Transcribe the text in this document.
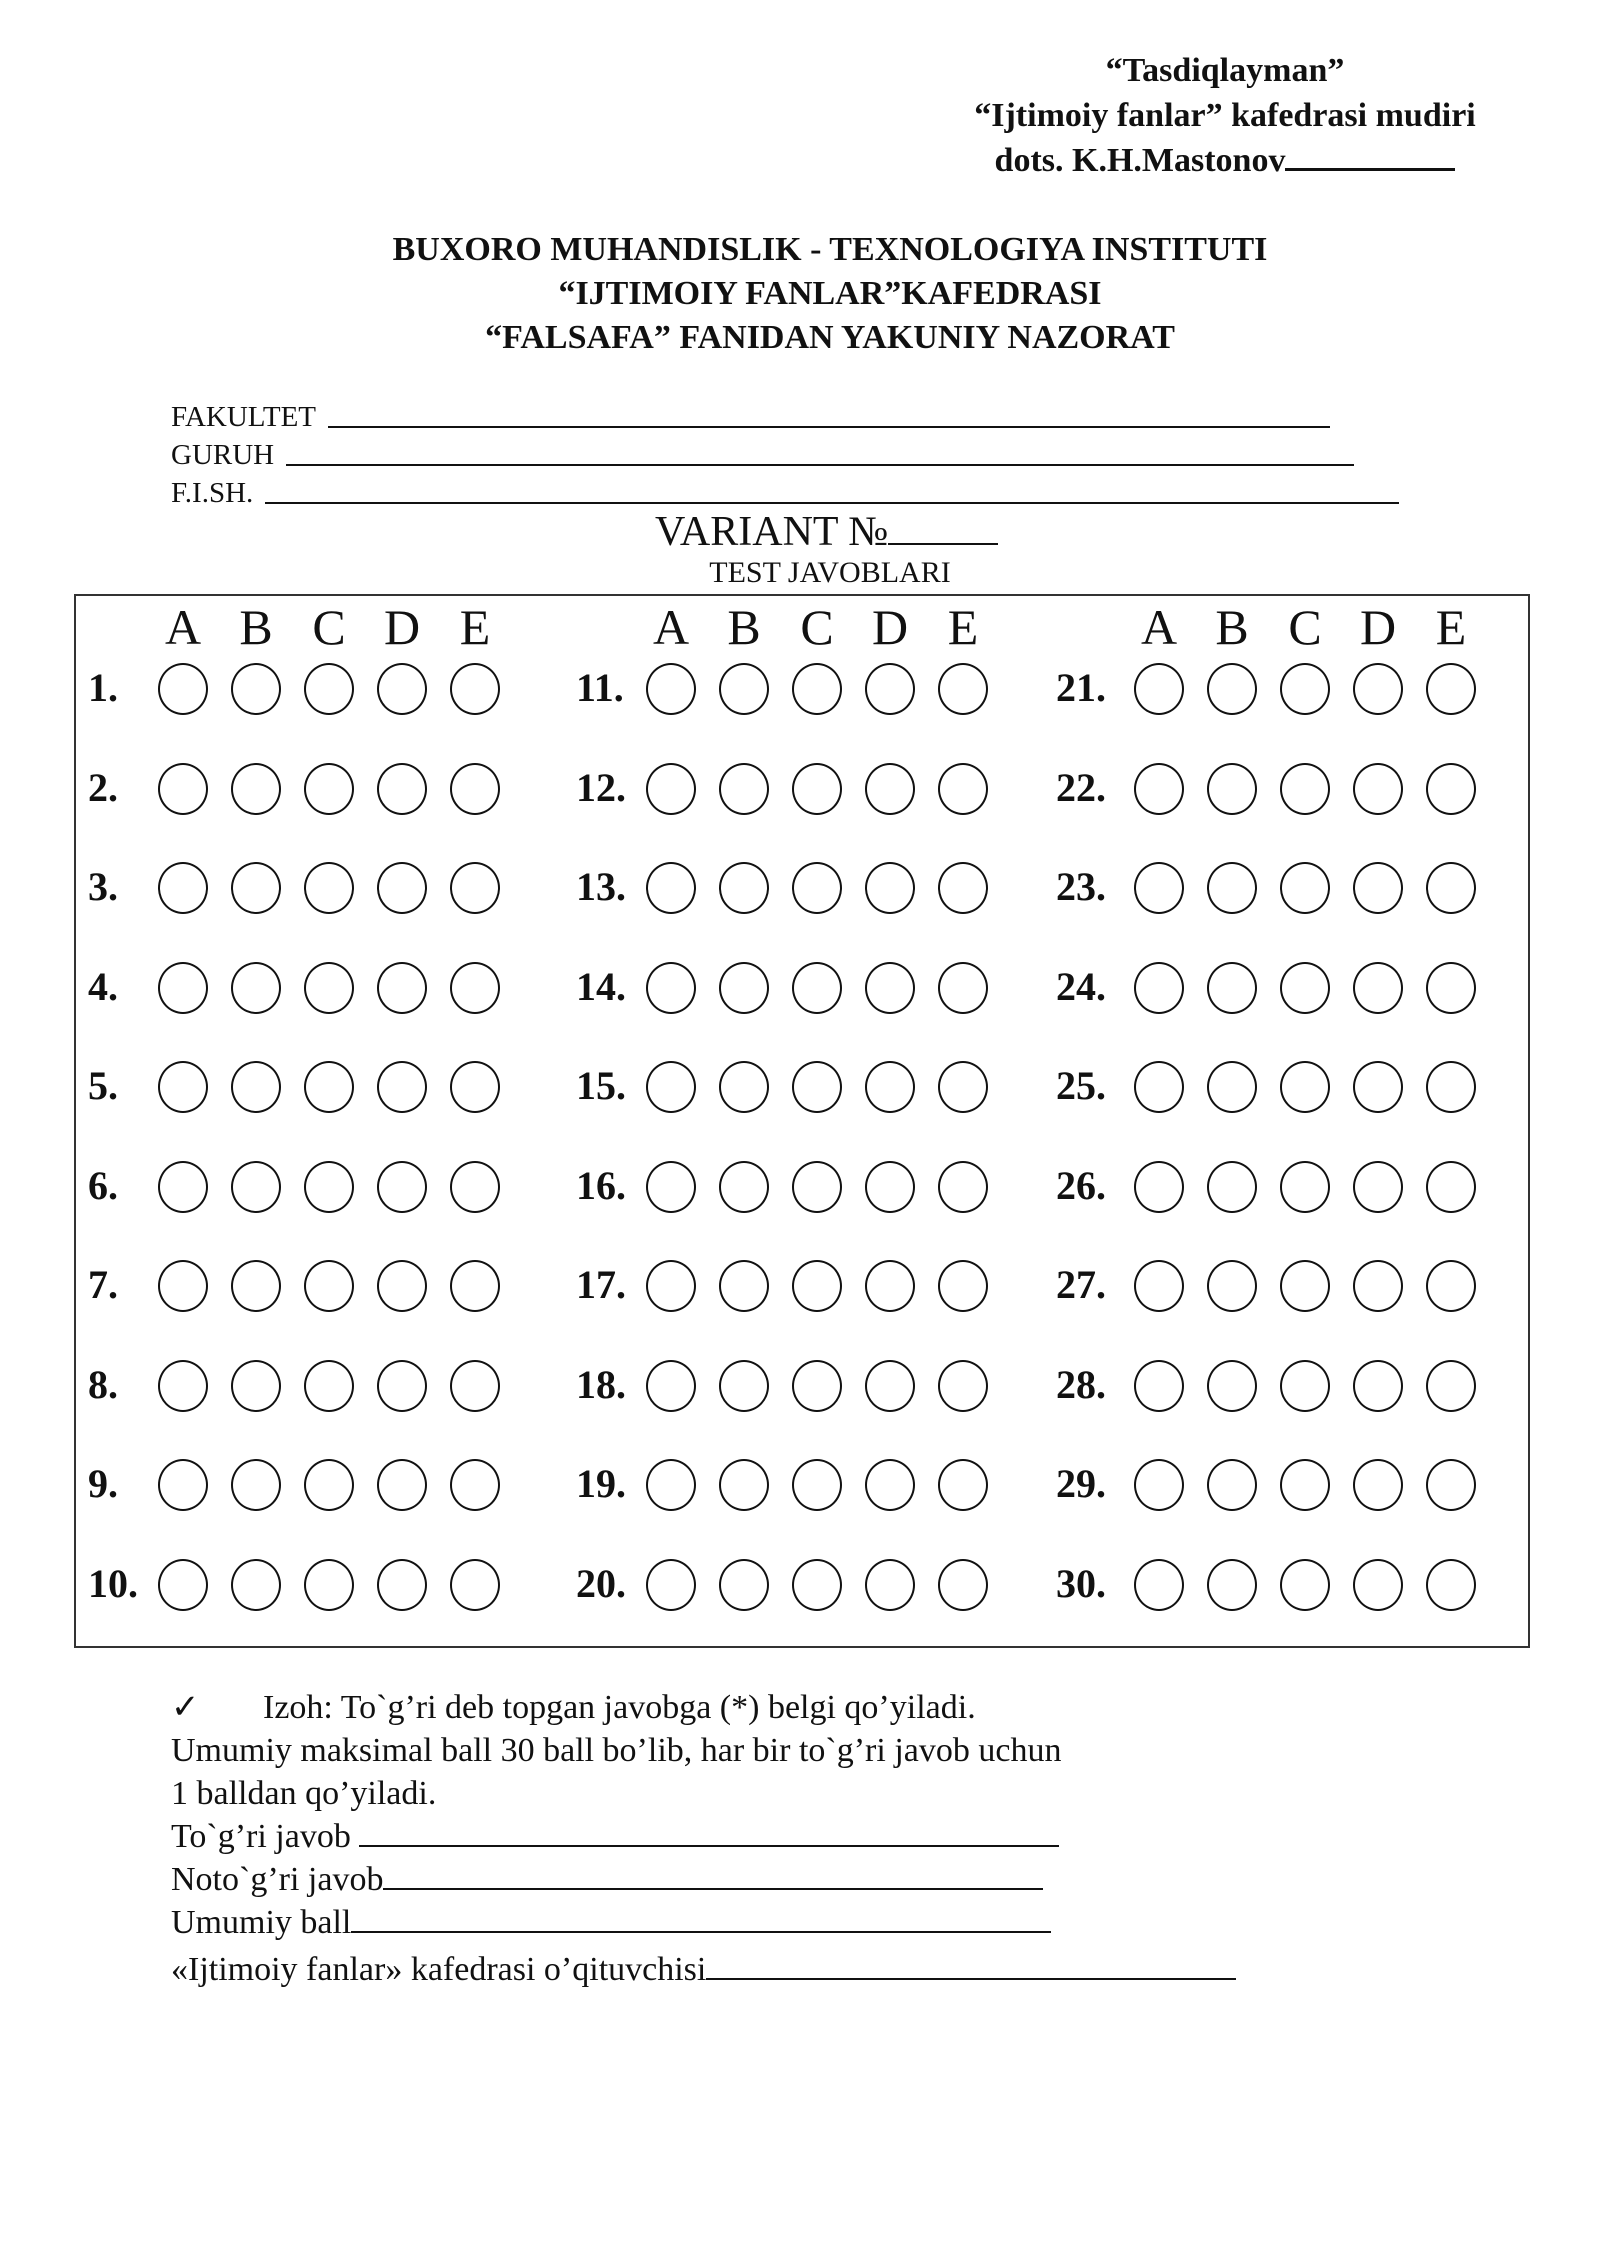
“Tasdiqlayman”
“Ijtimoiy fanlar” kafedrasi mudiri
dots. K.H.Mastonov
BUXORO MUHANDISLIK - TEXNOLOGIYA INSTITUTI
“IJTIMOIY FANLAR”KAFEDRASI
“FALSAFA” FANIDAN YAKUNIY NAZORAT
FAKULTET
GURUH
F.I.SH.
VARIANT №
TEST JAVOBLARI
A B C D E
1.
2.
3.
4.
5.
6.
7.
8.
9.
10.
A B C D E
11.
12.
13.
14.
15.
16.
17.
18.
19.
20.
A B C D E
21.
22.
23.
24.
25.
26.
27.
28.
29.
30.
✓	Izoh: To`g’ri deb topgan javobga (*) belgi qo’yiladi.
Umumiy maksimal ball 30 ball bo’lib, har bir to`g’ri javob uchun
1 balldan qo’yiladi.
To`g’ri javob
Noto`g’ri javob
Umumiy ball
«Ijtimoiy fanlar» kafedrasi o’qituvchisi
